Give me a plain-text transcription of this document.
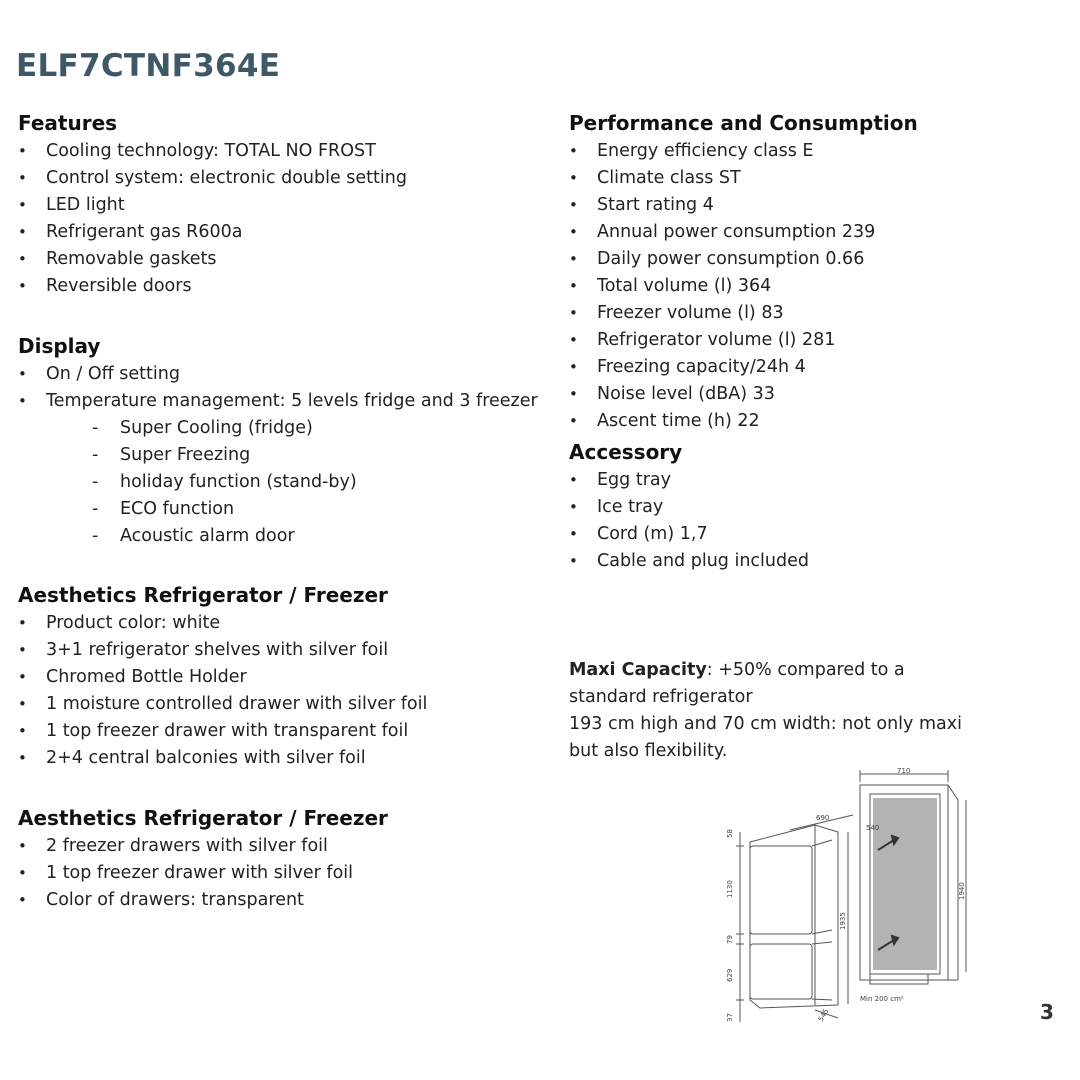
ELF7CTNF364E
Features
• Cooling technology: TOTAL NO FROST
• Control system: electronic double setting
• LED light
• Refrigerant gas R600a
• Removable gaskets
• Reversible doors
Display
• On / Off setting
• Temperature management: 5 levels fridge and 3 freezer
- Super Cooling (fridge)
- Super Freezing
- holiday function (stand-by)
- ECO function
- Acoustic alarm door
Aesthetics Refrigerator / Freezer
• Product color: white
• 3+1 refrigerator shelves with silver foil
• Chromed Bottle Holder
• 1 moisture controlled drawer with silver foil
• 1 top freezer drawer with transparent foil
• 2+4 central balconies with silver foil
Aesthetics Refrigerator / Freezer
• 2 freezer drawers with silver foil
• 1 top freezer drawer with silver foil
• Color of drawers: transparent
Performance and Consumption
• Energy efficiency class E
• Climate class ST
• Start rating 4
• Annual power consumption 239
• Daily power consumption 0.66
• Total volume (l) 364
• Freezer volume (l) 83
• Refrigerator volume (l) 281
• Freezing capacity/24h 4
• Noise level (dBA) 33
• Ascent time (h) 22
Accessory
• Egg tray
• Ice tray
• Cord (m) 1,7
• Cable and plug included
Maxi Capacity: +50% compared to a
standard refrigerator
193 cm high and 70 cm width: not only maxi
but also flexibility.
710
690
540
58
1130
79
629
37
1935
1940
545
Min 200 cm²
3
